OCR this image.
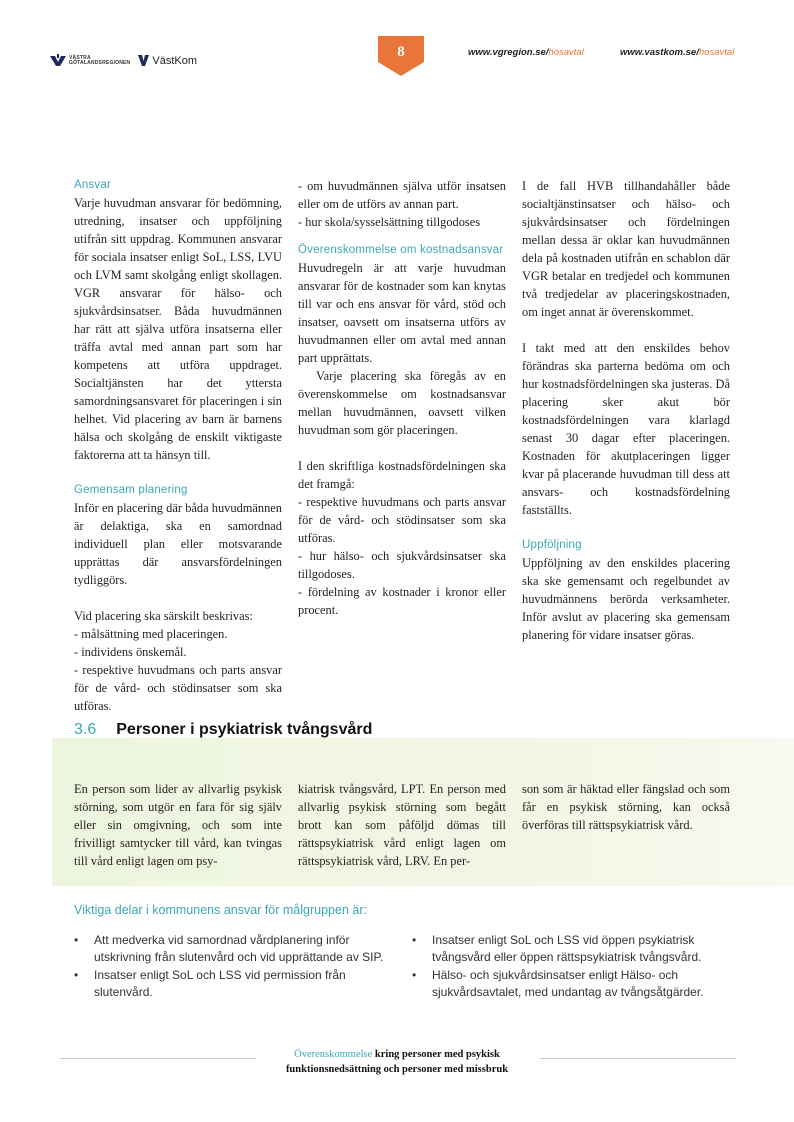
VÄSTRA
GÖTALANDSREGIONEN VästKom
8	www.vgregion.se/hosavtal	www.vastkom.se/hosavtal
Ansvar

Varje huvudman ansvarar för bedömning, utredning, insatser och uppföljning utifrån sitt uppdrag. Kommunen ansvarar för sociala insatser enligt SoL, LSS, LVU och LVM samt skolgång enligt skollagen. VGR ansvarar för hälso- och sjukvårdsinsatser. Båda huvudmännen har rätt att själva utföra insatserna eller träffa avtal med annan part som har kompetens att utföra uppdraget. Socialtjänsten har det yttersta samordningsansvaret för placeringen i sin helhet. Vid placering av barn är barnens hälsa och skolgång de enskilt viktigaste faktorerna att ta hänsyn till.

Gemensam planering

Inför en placering där båda huvudmännen är delaktiga, ska en samordnad individuell plan eller motsvarande upprättas där ansvarsfördelningen tydliggörs.

Vid placering ska särskilt beskrivas:

- målsättning med placeringen.

- individens önskemål.

- respektive huvudmans och parts ansvar för de vård- och stödinsatser som ska utföras.

- om huvudmännen själva utför insatsen eller om de utförs av annan part.

- hur skola/sysselsättning tillgodoses

Överenskommelse om kostnadsansvar

Huvudregeln är att varje huvudman ansvarar för de kostnader som kan knytas till var och ens ansvar för vård, stöd och insatser, oavsett om insatserna utförs av huvudmannen eller om avtal med annan part upprättats.

Varje placering ska föregås av en överenskommelse om kostnadsansvar mellan huvudmännen, oavsett vilken huvudman som gör placeringen.

I den skriftliga kostnadsfördelningen ska det framgå:

- respektive huvudmans och parts ansvar för de vård- och stödinsatser som ska utföras.

- hur hälso- och sjukvårdsinsatser ska tillgodoses.

- fördelning av kostnader i kronor eller procent.

I de fall HVB tillhandahåller både socialtjänstinsatser och hälso- och sjukvårdsinsatser och fördelningen mellan dessa är oklar kan huvudmännen dela på kostnaden utifrån en schablon där VGR betalar en tredjedel och kommunen två tredjedelar av placeringskostnaden, om inget annat är överenskommet.

I takt med att den enskildes behov förändras ska parterna bedöma om och hur kostnadsfördelningen ska justeras. Då placering sker akut bör kostnadsfördelningen vara klarlagd senast 30 dagar efter placeringen. Kostnaden för akutplaceringen ligger kvar på placerande huvudman till dess att ansvars- och kostnadsfördelning fastställts.

Uppföljning

Uppföljning av den enskildes placering ska ske gemensamt och regelbundet av huvudmännens berörda verksamheter. Inför avslut av placering ska gemensam planering för vidare insatser göras.

3.6 Personer i psykiatrisk tvångsvård
En person som lider av allvarlig psykisk störning, som utgör en fara för sig själv eller sin omgivning, och som inte frivilligt samtycker till vård, kan tvingas till vård enligt lagen om psy-
kiatrisk tvångsvård, LPT. En person med allvarlig psykisk störning som begått brott kan som påföljd dömas till rättspsykiatrisk vård enligt lagen om rättspsykiatrisk vård, LRV. En per-
son som är häktad eller fängslad och som får en psykisk störning, kan också överföras till rättspsykiatrisk vård.
Viktiga delar i kommunens ansvar för målgruppen är:
• Att medverka vid samordnad vårdplanering inför utskrivning från slutenvård och vid upprättande av SIP.
• Insatser enligt SoL och LSS vid permission från slutenvård.
• Insatser enligt SoL och LSS vid öppen psykiatrisk tvångsvård eller öppen rättspsykiatrisk tvångsvård.
• Hälso- och sjukvårdsinsatser enligt Hälso- och sjukvårdsavtalet, med undantag av tvångsåtgärder.
Överenskommelse kring personer med psykisk
funktionsnedsättning och personer med missbruk
